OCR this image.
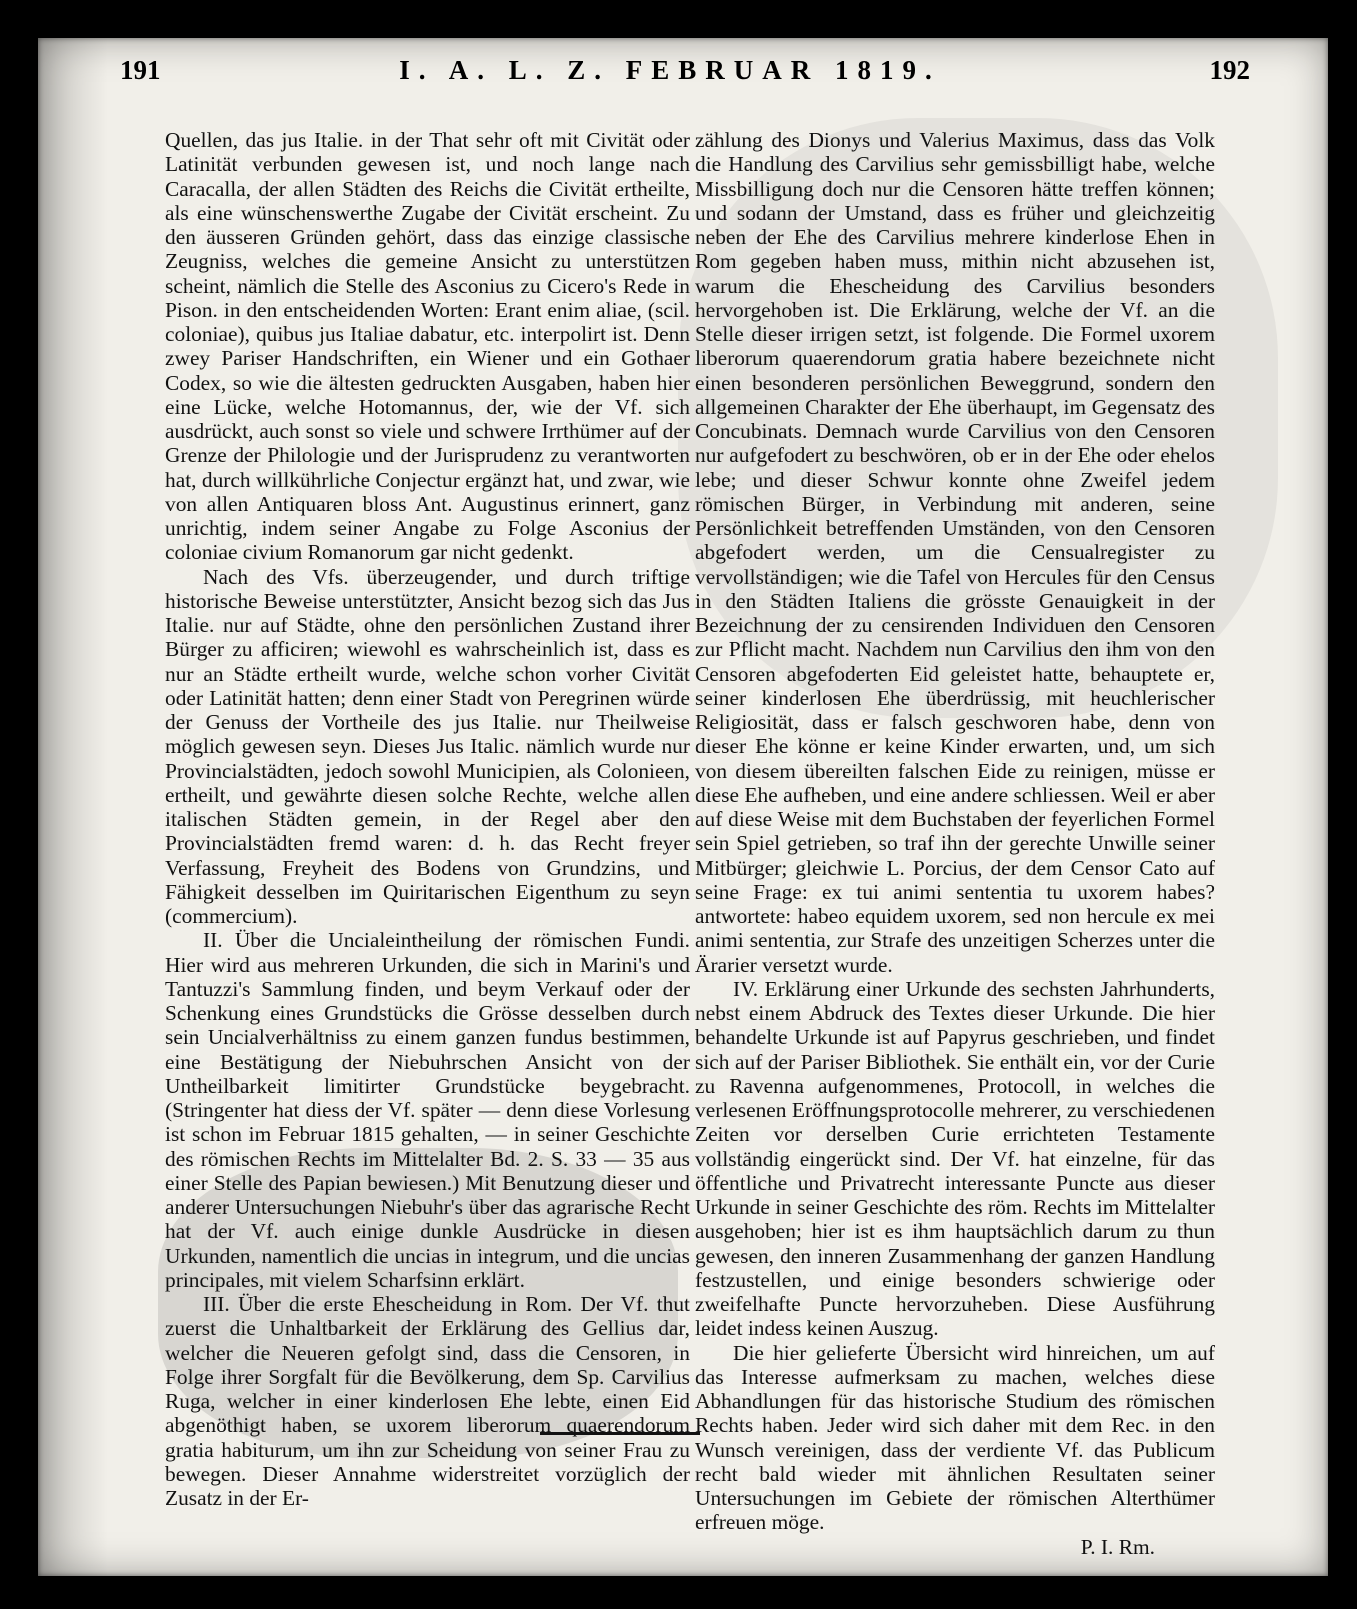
191	I. A. L. Z. FEBRUAR 1819.	192

Quellen, das jus Italie. in der That sehr oft mit Civität oder Latinität verbunden gewesen ist, und noch lange nach Caracalla, der allen Städten des Reichs die Civität ertheilte, als eine wünschenswerthe Zugabe der Civität erscheint. Zu den äusseren Gründen gehört, dass das einzige classische Zeugniss, welches die gemeine Ansicht zu unterstützen scheint, nämlich die Stelle des Asconius zu Cicero's Rede in Pison. in den entscheidenden Worten: Erant enim aliae, (scil. coloniae), quibus jus Italiae dabatur, etc. interpolirt ist. Denn zwey Pariser Handschriften, ein Wiener und ein Gothaer Codex, so wie die ältesten gedruckten Ausgaben, haben hier eine Lücke, welche Hotomannus, der, wie der Vf. sich ausdrückt, auch sonst so viele und schwere Irrthümer auf der Grenze der Philologie und der Jurisprudenz zu verantworten hat, durch willkührliche Conjectur ergänzt hat, und zwar, wie von allen Antiquaren bloss Ant. Augustinus erinnert, ganz unrichtig, indem seiner Angabe zu Folge Asconius der coloniae civium Romanorum gar nicht gedenkt.

Nach des Vfs. überzeugender, und durch triftige historische Beweise unterstützter, Ansicht bezog sich das Jus Italie. nur auf Städte, ohne den persönlichen Zustand ihrer Bürger zu afficiren; wiewohl es wahrscheinlich ist, dass es nur an Städte ertheilt wurde, welche schon vorher Civität oder Latinität hatten; denn einer Stadt von Peregrinen würde der Genuss der Vortheile des jus Italie. nur Theilweise möglich gewesen seyn. Dieses Jus Italic. nämlich wurde nur Provincialstädten, jedoch sowohl Municipien, als Colonieen, ertheilt, und gewährte diesen solche Rechte, welche allen italischen Städten gemein, in der Regel aber den Provincialstädten fremd waren: d. h. das Recht freyer Verfassung, Freyheit des Bodens von Grundzins, und Fähigkeit desselben im Quiritarischen Eigenthum zu seyn (commercium).

II. Über die Uncialeintheilung der römischen Fundi. Hier wird aus mehreren Urkunden, die sich in Marini's und Tantuzzi's Sammlung finden, und beym Verkauf oder der Schenkung eines Grundstücks die Grösse desselben durch sein Uncialverhältniss zu einem ganzen fundus bestimmen, eine Bestätigung der Niebuhrschen Ansicht von der Untheilbarkeit limitirter Grundstücke beygebracht. (Stringenter hat diess der Vf. später — denn diese Vorlesung ist schon im Februar 1815 gehalten, — in seiner Geschichte des römischen Rechts im Mittelalter Bd. 2. S. 33 — 35 aus einer Stelle des Papian bewiesen.) Mit Benutzung dieser und anderer Untersuchungen Niebuhr's über das agrarische Recht hat der Vf. auch einige dunkle Ausdrücke in diesen Urkunden, namentlich die uncias in integrum, und die uncias principales, mit vielem Scharfsinn erklärt.

III. Über die erste Ehescheidung in Rom. Der Vf. thut zuerst die Unhaltbarkeit der Erklärung des Gellius dar, welcher die Neueren gefolgt sind, dass die Censoren, in Folge ihrer Sorgfalt für die Bevölkerung, dem Sp. Carvilius Ruga, welcher in einer kinderlosen Ehe lebte, einen Eid abgenöthigt haben, se uxorem liberorum quaerendorum gratia habiturum, um ihn zur Scheidung von seiner Frau zu bewegen. Dieser Annahme widerstreitet vorzüglich der Zusatz in der Er-

zählung des Dionys und Valerius Maximus, dass das Volk die Handlung des Carvilius sehr gemissbilligt habe, welche Missbilligung doch nur die Censoren hätte treffen können; und sodann der Umstand, dass es früher und gleichzeitig neben der Ehe des Carvilius mehrere kinderlose Ehen in Rom gegeben haben muss, mithin nicht abzusehen ist, warum die Ehescheidung des Carvilius besonders hervorgehoben ist. Die Erklärung, welche der Vf. an die Stelle dieser irrigen setzt, ist folgende. Die Formel uxorem liberorum quaerendorum gratia habere bezeichnete nicht einen besonderen persönlichen Beweggrund, sondern den allgemeinen Charakter der Ehe überhaupt, im Gegensatz des Concubinats. Demnach wurde Carvilius von den Censoren nur aufgefodert zu beschwören, ob er in der Ehe oder ehelos lebe; und dieser Schwur konnte ohne Zweifel jedem römischen Bürger, in Verbindung mit anderen, seine Persönlichkeit betreffenden Umständen, von den Censoren abgefodert werden, um die Censualregister zu vervollständigen; wie die Tafel von Hercules für den Census in den Städten Italiens die grösste Genauigkeit in der Bezeichnung der zu censirenden Individuen den Censoren zur Pflicht macht. Nachdem nun Carvilius den ihm von den Censoren abgefoderten Eid geleistet hatte, behauptete er, seiner kinderlosen Ehe überdrüssig, mit heuchlerischer Religiosität, dass er falsch geschworen habe, denn von dieser Ehe könne er keine Kinder erwarten, und, um sich von diesem übereilten falschen Eide zu reinigen, müsse er diese Ehe aufheben, und eine andere schliessen. Weil er aber auf diese Weise mit dem Buchstaben der feyerlichen Formel sein Spiel getrieben, so traf ihn der gerechte Unwille seiner Mitbürger; gleichwie L. Porcius, der dem Censor Cato auf seine Frage: ex tui animi sententia tu uxorem habes? antwortete: habeo equidem uxorem, sed non hercule ex mei animi sententia, zur Strafe des unzeitigen Scherzes unter die Ärarier versetzt wurde.

IV. Erklärung einer Urkunde des sechsten Jahrhunderts, nebst einem Abdruck des Textes dieser Urkunde. Die hier behandelte Urkunde ist auf Papyrus geschrieben, und findet sich auf der Pariser Bibliothek. Sie enthält ein, vor der Curie zu Ravenna aufgenommenes, Protocoll, in welches die verlesenen Eröffnungsprotocolle mehrerer, zu verschiedenen Zeiten vor derselben Curie errichteten Testamente vollständig eingerückt sind. Der Vf. hat einzelne, für das öffentliche und Privatrecht interessante Puncte aus dieser Urkunde in seiner Geschichte des röm. Rechts im Mittelalter ausgehoben; hier ist es ihm hauptsächlich darum zu thun gewesen, den inneren Zusammenhang der ganzen Handlung festzustellen, und einige besonders schwierige oder zweifelhafte Puncte hervorzuheben. Diese Ausführung leidet indess keinen Auszug.

Die hier gelieferte Übersicht wird hinreichen, um auf das Interesse aufmerksam zu machen, welches diese Abhandlungen für das historische Studium des römischen Rechts haben. Jeder wird sich daher mit dem Rec. in den Wunsch vereinigen, dass der verdiente Vf. das Publicum recht bald wieder mit ähnlichen Resultaten seiner Untersuchungen im Gebiete der römischen Alterthümer erfreuen möge.

P. I. Rm.
